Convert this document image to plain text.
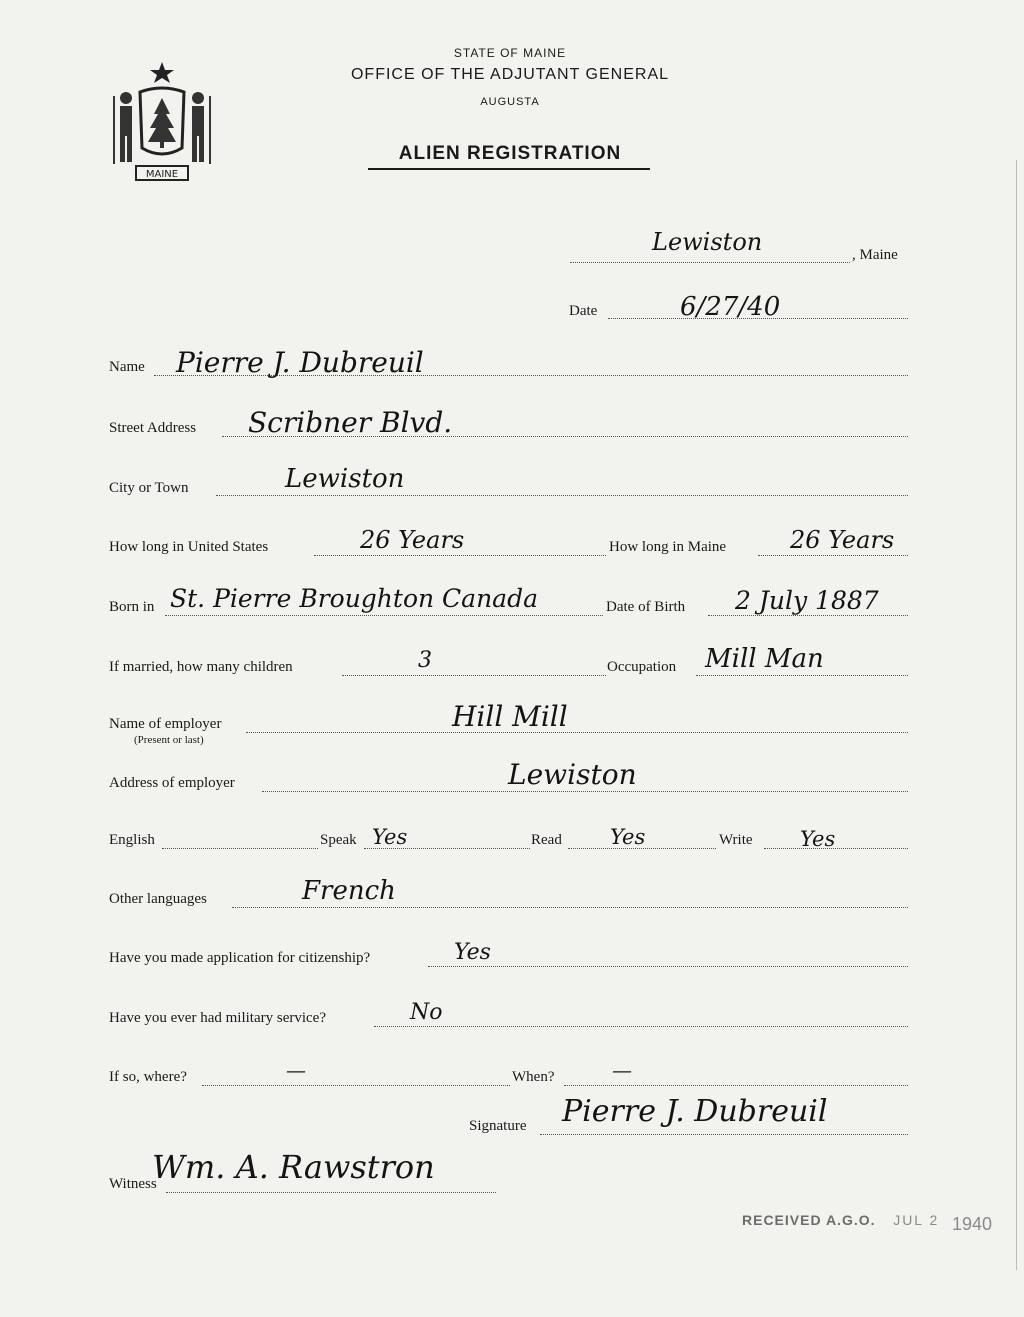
MAINE
STATE OF MAINE
OFFICE OF THE ADJUTANT GENERAL
AUGUSTA
ALIEN REGISTRATION
Lewiston	, Maine
Date	6/27/40
Name Pierre J. Dubreuil
Street Address Scribner Blvd.
City or Town	Lewiston
How long in United States	26 Years	How long in Maine	26 Years
Born in St. Pierre Broughton Canada	Date of Birth 2 July 1887
If married, how many children	3	Occupation Mill Man
Name of employer
(Present or last)
Hill Mill
Address of employer	Lewiston
English	Speak Yes	Read Yes	Write Yes
Other languages	French
Have you made application for citizenship?	Yes
Have you ever had military service?	No
If so, where?	—	When?	—
Signature Pierre J. Dubreuil
Witness
Wm. A. Rawstron
RECEIVED A.G.O. JUL 2 1940
